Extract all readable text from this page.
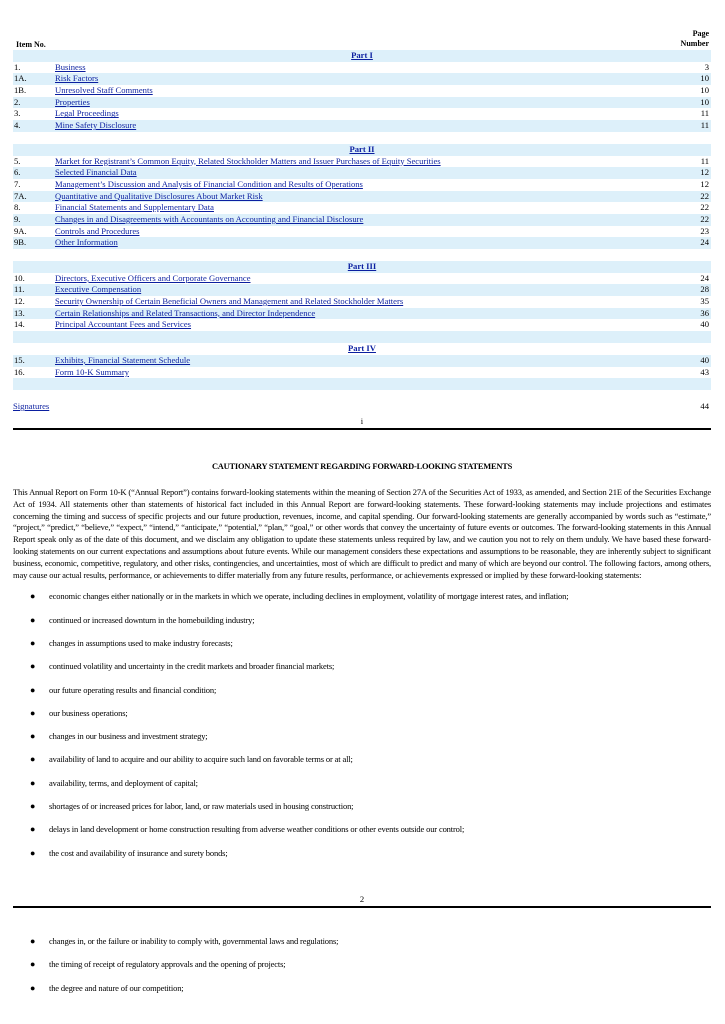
Item No.
Page
Number
Part I
1.	Business	3
1A.	Risk Factors	10
1B.	Unresolved Staff Comments	10
2.	Properties	10
3.	Legal Proceedings	11
4.	Mine Safety Disclosure	11
Part II
5.	Market for Registrant’s Common Equity, Related Stockholder Matters and Issuer Purchases of Equity Securities	11
6.	Selected Financial Data	12
7.	Management’s Discussion and Analysis of Financial Condition and Results of Operations	12
7A.	Quantitative and Qualitative Disclosures About Market Risk	22
8.	Financial Statements and Supplementary Data	22
9.	Changes in and Disagreements with Accountants on Accounting and Financial Disclosure	22
9A.	Controls and Procedures	23
9B.	Other Information	24
Part III
10.	Directors, Executive Officers and Corporate Governance	24
11.	Executive Compensation	28
12.	Security Ownership of Certain Beneficial Owners and Management and Related Stockholder Matters	35
13.	Certain Relationships and Related Transactions, and Director Independence	36
14.	Principal Accountant Fees and Services	40
Part IV
15.	Exhibits, Financial Statement Schedule	40
16.	Form 10-K Summary	43
Signatures	44
i
CAUTIONARY STATEMENT REGARDING FORWARD-LOOKING STATEMENTS
This Annual Report on Form 10-K (“Annual Report”) contains forward-looking statements within the meaning of Section 27A of the Securities Act of 1933, as amended, and Section 21E of the Securities Exchange Act of 1934. All statements other than statements of historical fact included in this Annual Report are forward-looking statements. These forward-looking statements may include projections and estimates concerning the timing and success of specific projects and our future production, revenues, income, and capital spending. Our forward-looking statements are generally accompanied by words such as “estimate,” “project,” “predict,” “believe,” “expect,” “intend,” “anticipate,” “potential,” “plan,” “goal,” or other words that convey the uncertainty of future events or outcomes. The forward-looking statements in this Annual Report speak only as of the date of this document, and we disclaim any obligation to update these statements unless required by law, and we caution you not to rely on them unduly. We have based these forward-looking statements on our current expectations and assumptions about future events. While our management considers these expectations and assumptions to be reasonable, they are inherently subject to significant business, economic, competitive, regulatory, and other risks, contingencies, and uncertainties, most of which are difficult to predict and many of which are beyond our control. The following factors, among others, may cause our actual results, performance, or achievements to differ materially from any future results, performance, or achievements expressed or implied by these forward-looking statements:
● economic changes either nationally or in the markets in which we operate, including declines in employment, volatility of mortgage interest rates, and inflation;
● continued or increased downturn in the homebuilding industry;
● changes in assumptions used to make industry forecasts;
● continued volatility and uncertainty in the credit markets and broader financial markets;
● our future operating results and financial condition;
● our business operations;
● changes in our business and investment strategy;
● availability of land to acquire and our ability to acquire such land on favorable terms or at all;
● availability, terms, and deployment of capital;
● shortages of or increased prices for labor, land, or raw materials used in housing construction;
● delays in land development or home construction resulting from adverse weather conditions or other events outside our control;
● the cost and availability of insurance and surety bonds;
2
● changes in, or the failure or inability to comply with, governmental laws and regulations;
● the timing of receipt of regulatory approvals and the opening of projects;
● the degree and nature of our competition;
